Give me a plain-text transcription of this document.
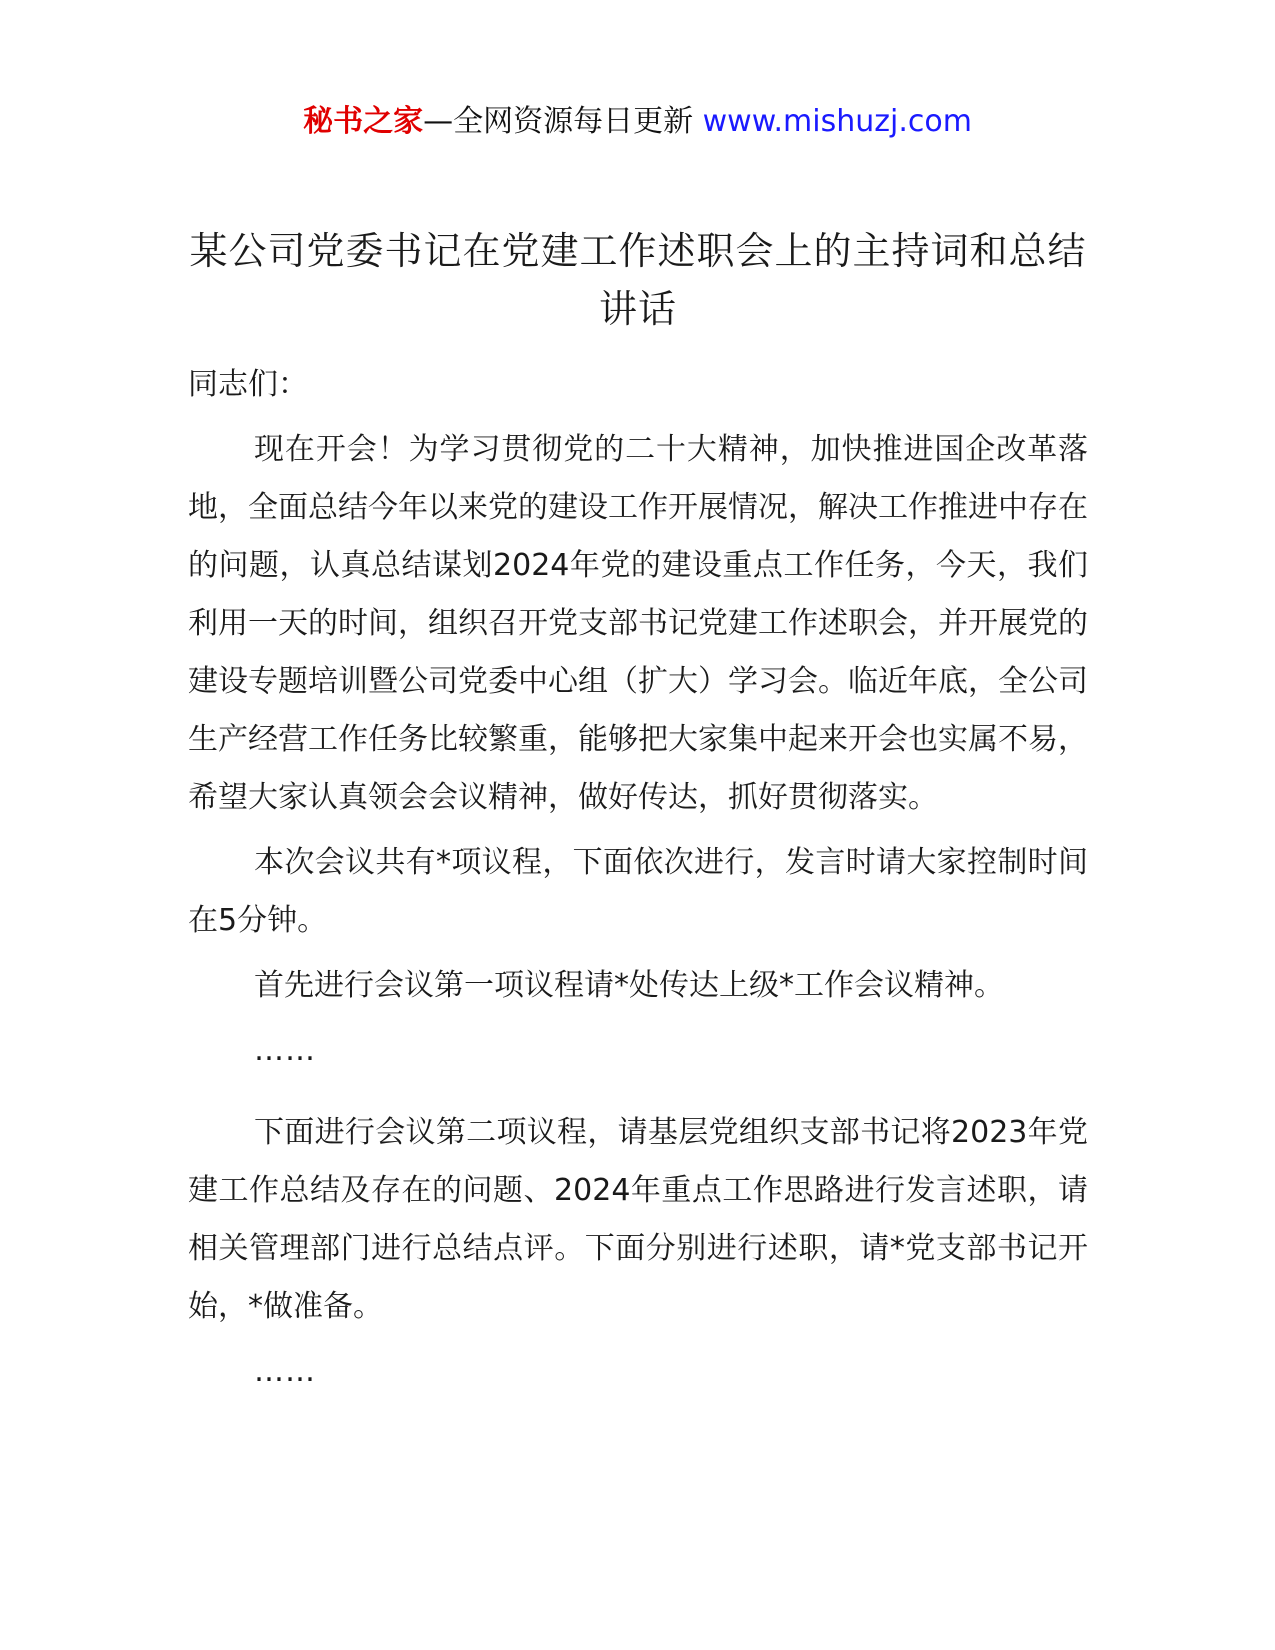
秘书之家—全网资源每日更新 www.mishuzj.com
某公司党委书记在党建工作述职会上的主持词和总结讲话

同志们：

现在开会！为学习贯彻党的二十大精神，加快推进国企改革落地，全面总结今年以来党的建设工作开展情况，解决工作推进中存在的问题，认真总结谋划2024年党的建设重点工作任务，今天，我们利用一天的时间，组织召开党支部书记党建工作述职会，并开展党的建设专题培训暨公司党委中心组（扩大）学习会。临近年底，全公司生产经营工作任务比较繁重，能够把大家集中起来开会也实属不易，希望大家认真领会会议精神，做好传达，抓好贯彻落实。

本次会议共有*项议程，下面依次进行，发言时请大家控制时间在5分钟。

首先进行会议第一项议程请*处传达上级*工作会议精神。

……

下面进行会议第二项议程，请基层党组织支部书记将2023年党建工作总结及存在的问题、2024年重点工作思路进行发言述职，请相关管理部门进行总结点评。下面分别进行述职，请*党支部书记开始，*做准备。

……
